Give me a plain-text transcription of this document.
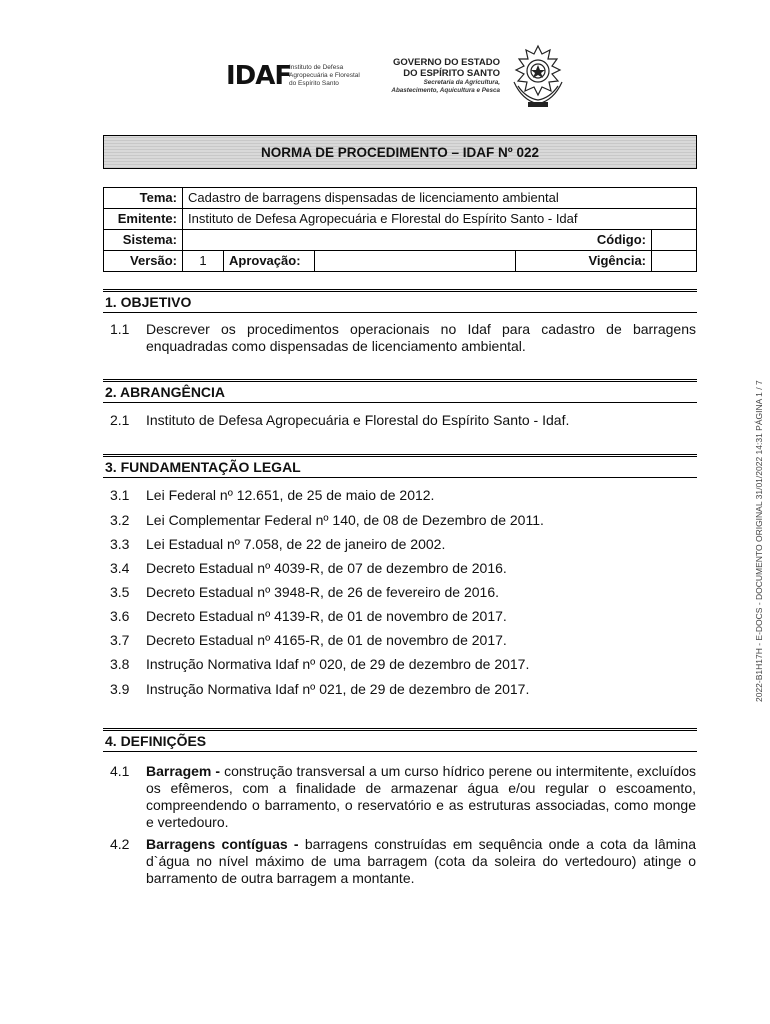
IDAF
Instituto de Defesa
Agropecuária e Florestal
do Espírito Santo
GOVERNO DO ESTADO
DO ESPÍRITO SANTO
Secretaria da Agricultura,
Abastecimento, Aquicultura e Pesca
NORMA DE PROCEDIMENTO – IDAF Nº 022
Tema:	Cadastro de barragens dispensadas de licenciamento ambiental					
Emitente:	Instituto de Defesa Agropecuária e Florestal do Espírito Santo - Idaf					
Sistema:					Código:	
Versão:	1	Aprovação:		Vigência:		
1. OBJETIVO
1.1	Descrever os procedimentos operacionais no Idaf para cadastro de barragens enquadradas como dispensadas de licenciamento ambiental.
2. ABRANGÊNCIA
2.1	Instituto de Defesa Agropecuária e Florestal do Espírito Santo - Idaf.
3. FUNDAMENTAÇÃO LEGAL
3.1	Lei Federal nº 12.651, de 25 de maio de 2012.
3.2	Lei Complementar Federal nº 140, de 08 de Dezembro de 2011.
3.3	Lei Estadual nº 7.058, de 22 de janeiro de 2002.
3.4	Decreto Estadual nº 4039-R, de 07 de dezembro de 2016.
3.5	Decreto Estadual nº 3948-R, de 26 de fevereiro de 2016.
3.6	Decreto Estadual nº 4139-R, de 01 de novembro de 2017.
3.7	Decreto Estadual nº 4165-R, de 01 de novembro de 2017.
3.8	Instrução Normativa Idaf nº 020, de 29 de dezembro de 2017.
3.9	Instrução Normativa Idaf nº 021, de 29 de dezembro de 2017.
4. DEFINIÇÕES
4.1	Barragem - construção transversal a um curso hídrico perene ou intermitente, excluídos os efêmeros, com a finalidade de armazenar água e/ou regular o escoamento, compreendendo o barramento, o reservatório e as estruturas associadas, como monge e vertedouro.
4.2	Barragens contíguas - barragens construídas em sequência onde a cota da lâmina d`água no nível máximo de uma barragem (cota da soleira do vertedouro) atinge o barramento de outra barragem a montante.
2022-B1H17H - E-DOCS - DOCUMENTO ORIGINAL 31/01/2022 14:31 PÁGINA 1 / 7
